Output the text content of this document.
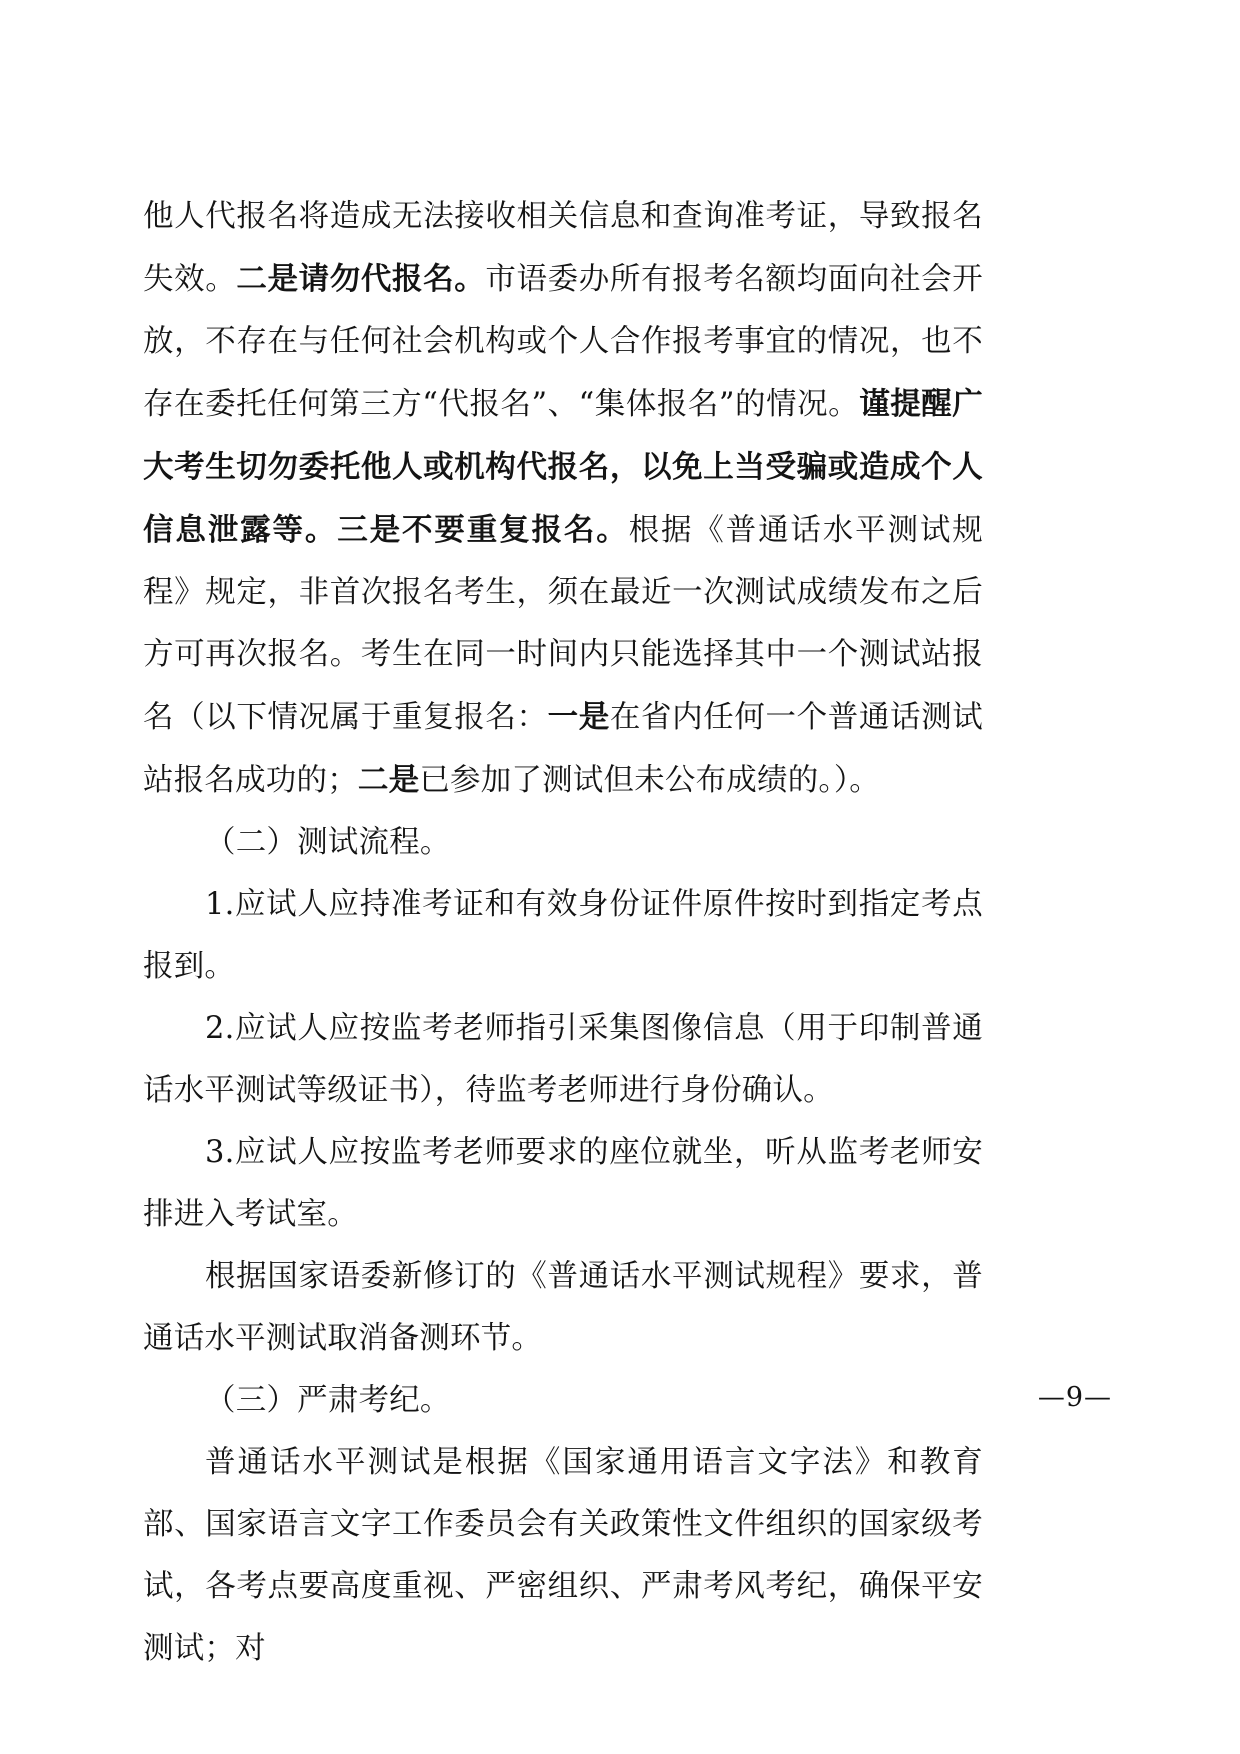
他人代报名将造成无法接收相关信息和查询准考证，导致报名失效。二是请勿代报名。市语委办所有报考名额均面向社会开放，不存在与任何社会机构或个人合作报考事宜的情况，也不存在委托任何第三方“代报名”、“集体报名”的情况。谨提醒广大考生切勿委托他人或机构代报名，以免上当受骗或造成个人信息泄露等。三是不要重复报名。根据《普通话水平测试规程》规定，非首次报名考生，须在最近一次测试成绩发布之后方可再次报名。考生在同一时间内只能选择其中一个测试站报名（以下情况属于重复报名：一是在省内任何一个普通话测试站报名成功的；二是已参加了测试但未公布成绩的。）。

（二）测试流程。

1.应试人应持准考证和有效身份证件原件按时到指定考点报到。

2.应试人应按监考老师指引采集图像信息（用于印制普通话水平测试等级证书），待监考老师进行身份确认。

3.应试人应按监考老师要求的座位就坐，听从监考老师安排进入考试室。

根据国家语委新修订的《普通话水平测试规程》要求，普通话水平测试取消备测环节。

（三）严肃考纪。

普通话水平测试是根据《国家通用语言文字法》和教育部、国家语言文字工作委员会有关政策性文件组织的国家级考试，各考点要高度重视、严密组织、严肃考风考纪，确保平安测试；对

—9—
